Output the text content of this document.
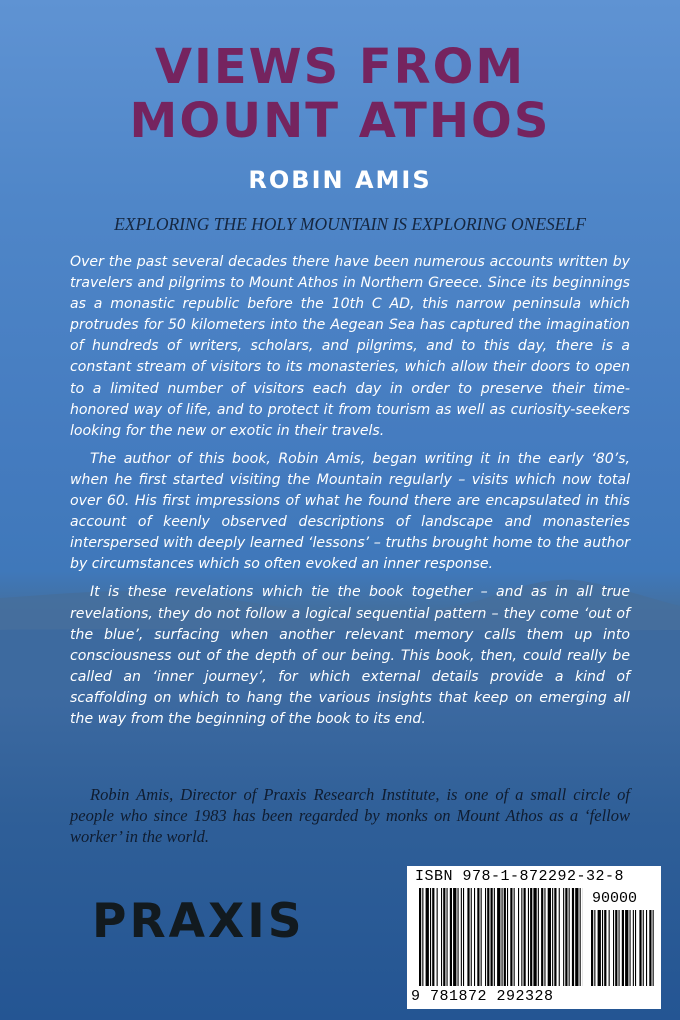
VIEWS FROM
MOUNT ATHOS
ROBIN AMIS
EXPLORING THE HOLY MOUNTAIN IS EXPLORING ONESELF

Over the past several decades there have been numerous accounts written by travelers and pilgrims to Mount Athos in Northern Greece. Since its beginnings as a monastic republic before the 10th C AD, this narrow peninsula which protrudes for 50 kilometers into the Aegean Sea has captured the imagination of hundreds of writers, scholars, and pilgrims, and to this day, there is a constant stream of visitors to its monasteries, which allow their doors to open to a limited number of visitors each day in order to preserve their time-honored way of life, and to protect it from tourism as well as curiosity-seekers looking for the new or exotic in their travels.

The author of this book, Robin Amis, began writing it in the early ‘80’s, when he first started visiting the Mountain regularly – visits which now total over 60. His first impressions of what he found there are encapsulated in this account of keenly observed descriptions of landscape and monasteries interspersed with deeply learned ‘lessons’ – truths brought home to the author by circumstances which so often evoked an inner response.

It is these revelations which tie the book together – and as in all true revelations, they do not follow a logical sequential pattern – they come ‘out of the blue’, surfacing when another relevant memory calls them up into consciousness out of the depth of our being. This book, then, could really be called an ‘inner journey’, for which external details provide a kind of scaffolding on which to hang the various insights that keep on emerging all the way from the beginning of the book to its end.

Robin Amis, Director of Praxis Research Institute, is one of a small circle of people who since 1983 has been regarded by monks on Mount Athos as a ‘fellow worker’ in the world.
PRAXIS
ISBN 978-1-872292-32-8
90000
9 781872 292328
